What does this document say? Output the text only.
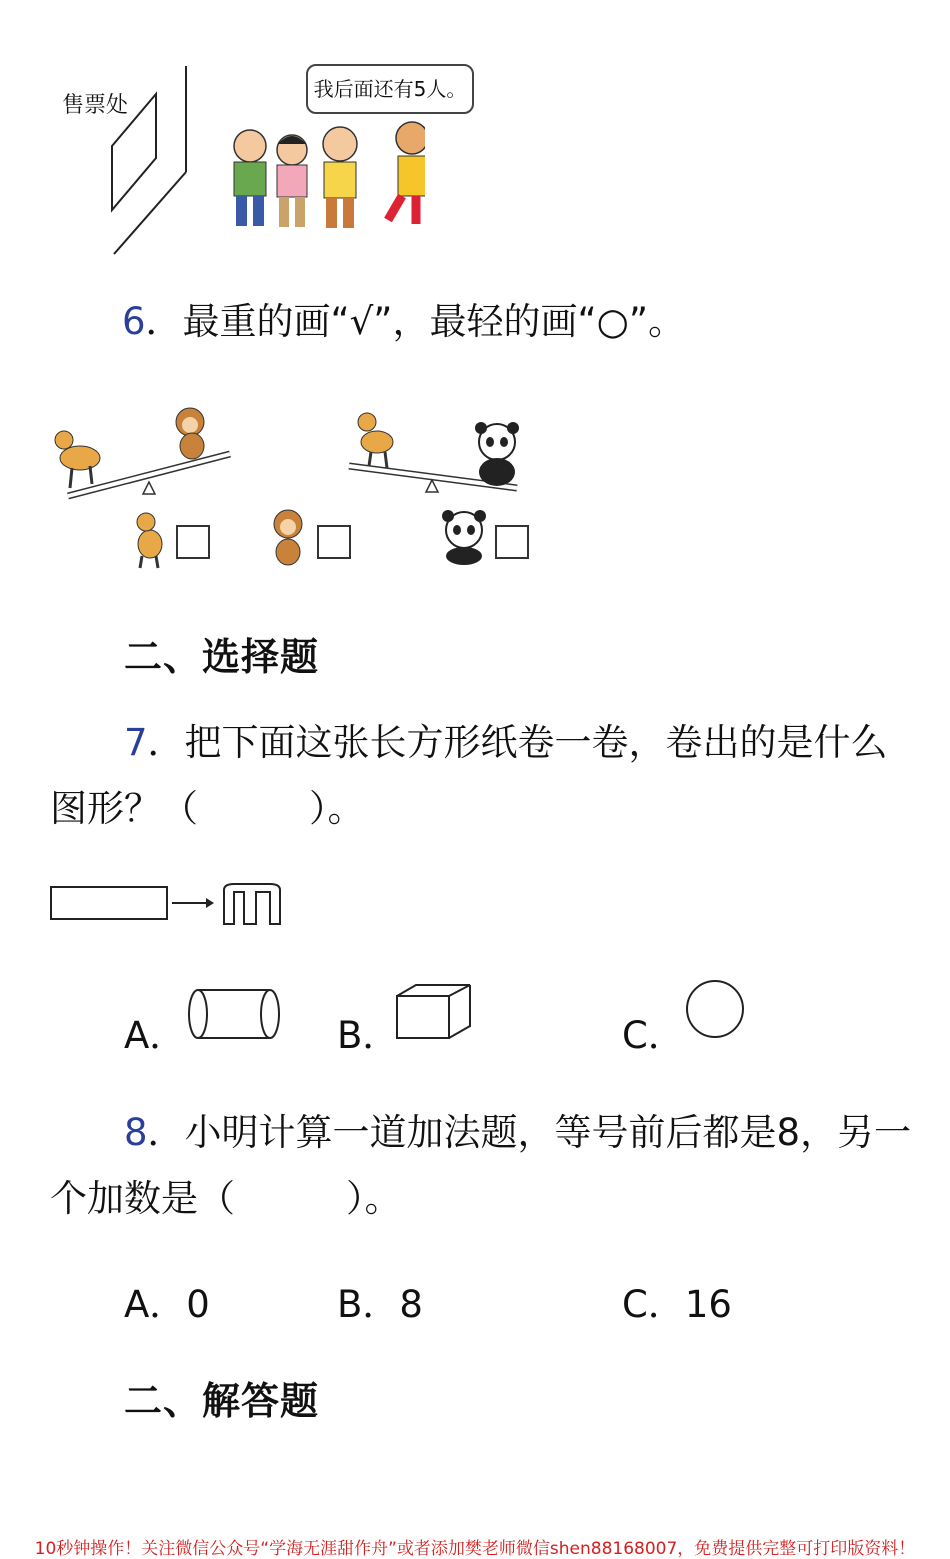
售票处
我后面还有5人。
6．最重的画“√”，最轻的画“○”。
二、选择题
7．把下面这张长方形纸卷一卷，卷出的是什么
图形？（　　　）。
A．	B．	C．
8．小明计算一道加法题，等号前后都是8，另一
个加数是（　　　）。
A．0	B．8	C．16
二、解答题
10秒钟操作！关注微信公众号“学海无涯甜作舟”或者添加樊老师微信shen88168007，免费提供完整可打印版资料！
